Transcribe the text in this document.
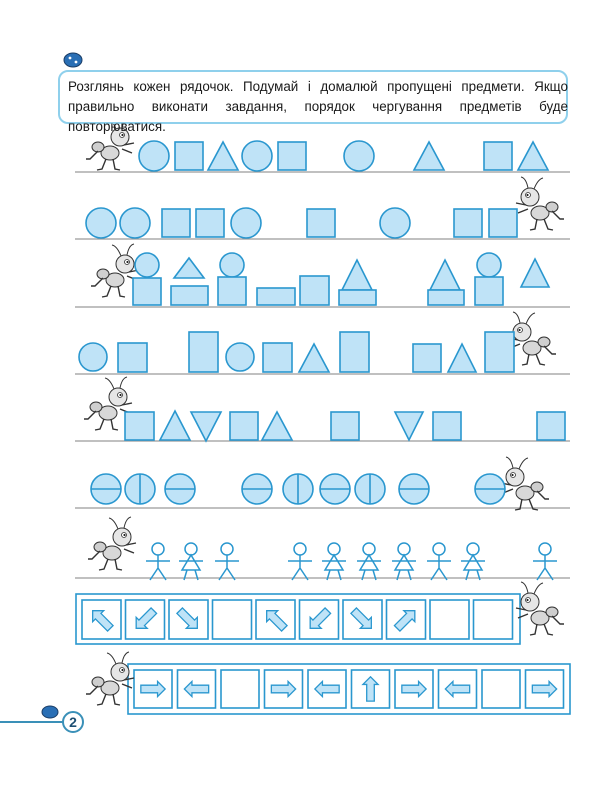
Розглянь кожен рядочок. Подумай і домалюй пропущені предмети. Якщо правильно виконати завдання, порядок чергування предметів буде повторюватися.
2
